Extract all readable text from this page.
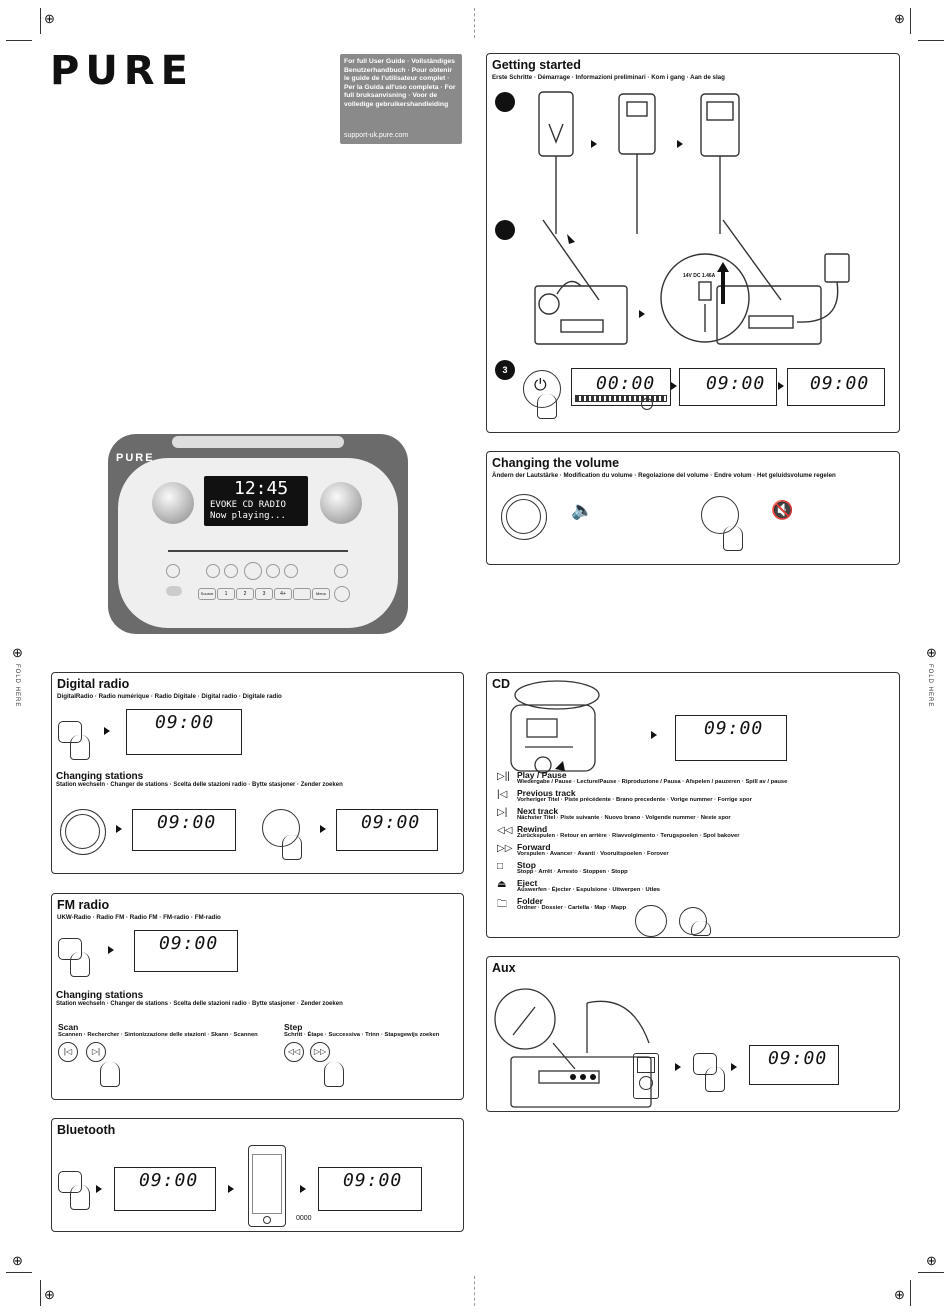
⊕	⊕
⊕	⊕
⊕	⊕
⊕	⊕
FOLD HERE	FOLD HERE
PURE	For full User Guide · Vollständiges Benutzerhandbuch · Pour obtenir le guide de l'utilisateur complet · Per la Guida all'uso completa · For full bruksanvisning · Voor de volledige gebruikershandleiding
support-uk.pure.com
PURE
12:45
EVOKE CD RADIO
Now playing...
Source	1	2	3	4+	Menu
Getting started
Erste Schritte · Démarrage · Informazioni preliminari · Kom i gang · Aan de slag
14V DC 1.46A
3
⏻	00:00	09:00 09:00
Changing the volume
Ändern der Lautstärke · Modification du volume · Regolazione del volume · Endre volum · Het geluidsvolume regelen
🔈	🔇
Digital radio
DigitalRadio · Radio numérique · Radio Digitale · Digital radio · Digitale radio
09:00
Changing stations
Station wechseln · Changer de stations · Scelta delle stazioni radio · Bytte stasjoner · Zender zoeken
09:00	09:00
FM radio
UKW-Radio · Radio FM · Radio FM · FM-radio · FM-radio
09:00
Changing stations
Station wechseln · Changer de stations · Scelta delle stazioni radio · Bytte stasjoner · Zender zoeken
Scan
Scannen · Rechercher · Sintonizzazione delle stazioni · Skann · Scannen
|◁	▷|
Step
Schritt · Étape · Successiva · Trinn · Stapsgewijs zoeken
◁◁	▷▷
Bluetooth
09:00
0000
09:00
CD
09:00
▷|| Play / Pause
Wiedergabe / Pause · Lecture/Pause · Riproduzione / Pausa · Afspelen / pauzeren · Spill av / pause
|◁	Previous track
Vorheriger Titel · Piste précédente · Brano precedente · Vorige nummer · Forrige spor
▷|	Next track
Nächster Titel · Piste suivante · Nuovo brano · Volgende nummer · Neste spor
◁◁ Rewind
Zurückspulen · Retour en arrière · Riavvolgimento · Terugspoelen · Spol bakover
▷▷ Forward
Vorspulen · Avancer · Avanti · Vooruitspoelen · Forover
□	Stop
Stopp · Arrêt · Arresto · Stoppen · Stopp
⏏	Eject
Auswerfen · Éjecter · Espulsione · Uitwerpen · Utløs
🗀	Folder
Ordner · Dossier · Cartella · Map · Mapp
Aux
09:00
